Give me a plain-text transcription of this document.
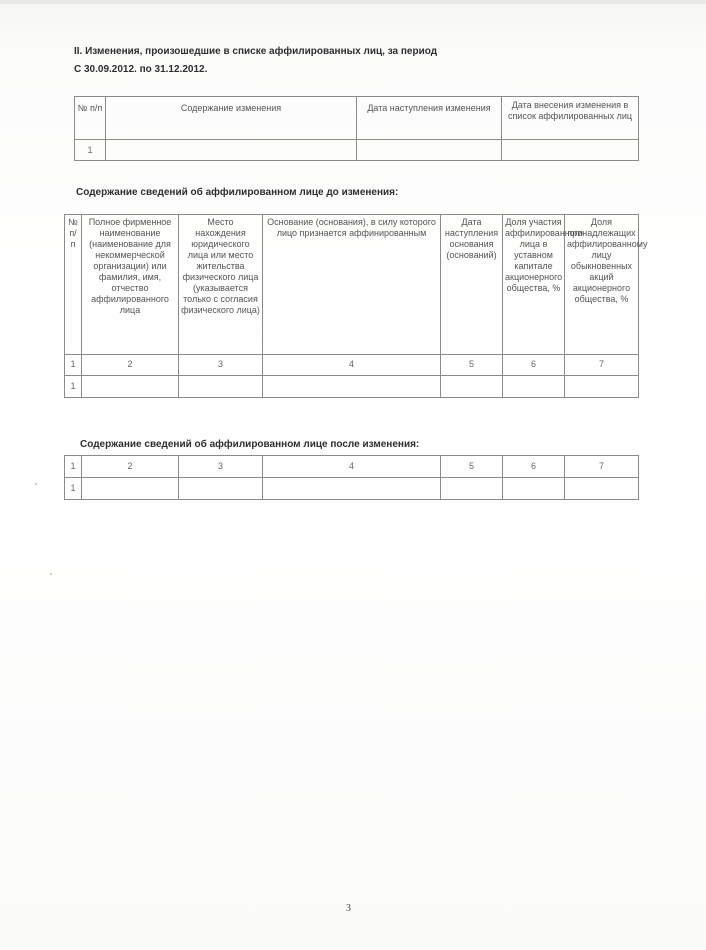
II. Изменения, произошедшие в списке аффилированных лиц, за период
С 30.09.2012. по 31.12.2012.
№ п/п	Содержание изменения	Дата наступления изменения	Дата внесения изменения в список аффилированных лиц
1			
Содержание сведений об аффилированном лице до изменения:
№ п/п	Полное фирменное наименование (наименование для некоммерческой организации) или фамилия, имя, отчество аффилированного лица	Место нахождения юридического лица или место жительства физического лица (указывается только с согласия физического лица)	Основание (основания), в силу которого лицо признается аффинированным	Дата наступления основания (оснований)	Доля участия аффилированного лица в уставном капитале акционерного общества, %	Доля принадлежащих аффилированному лицу обыкновенных акций акционерного общества, %
1	2	3	4	5	6	7
1						
Содержание сведений об аффилированном лице после изменения:
1	2	3	4	5	6	7
1						
3
